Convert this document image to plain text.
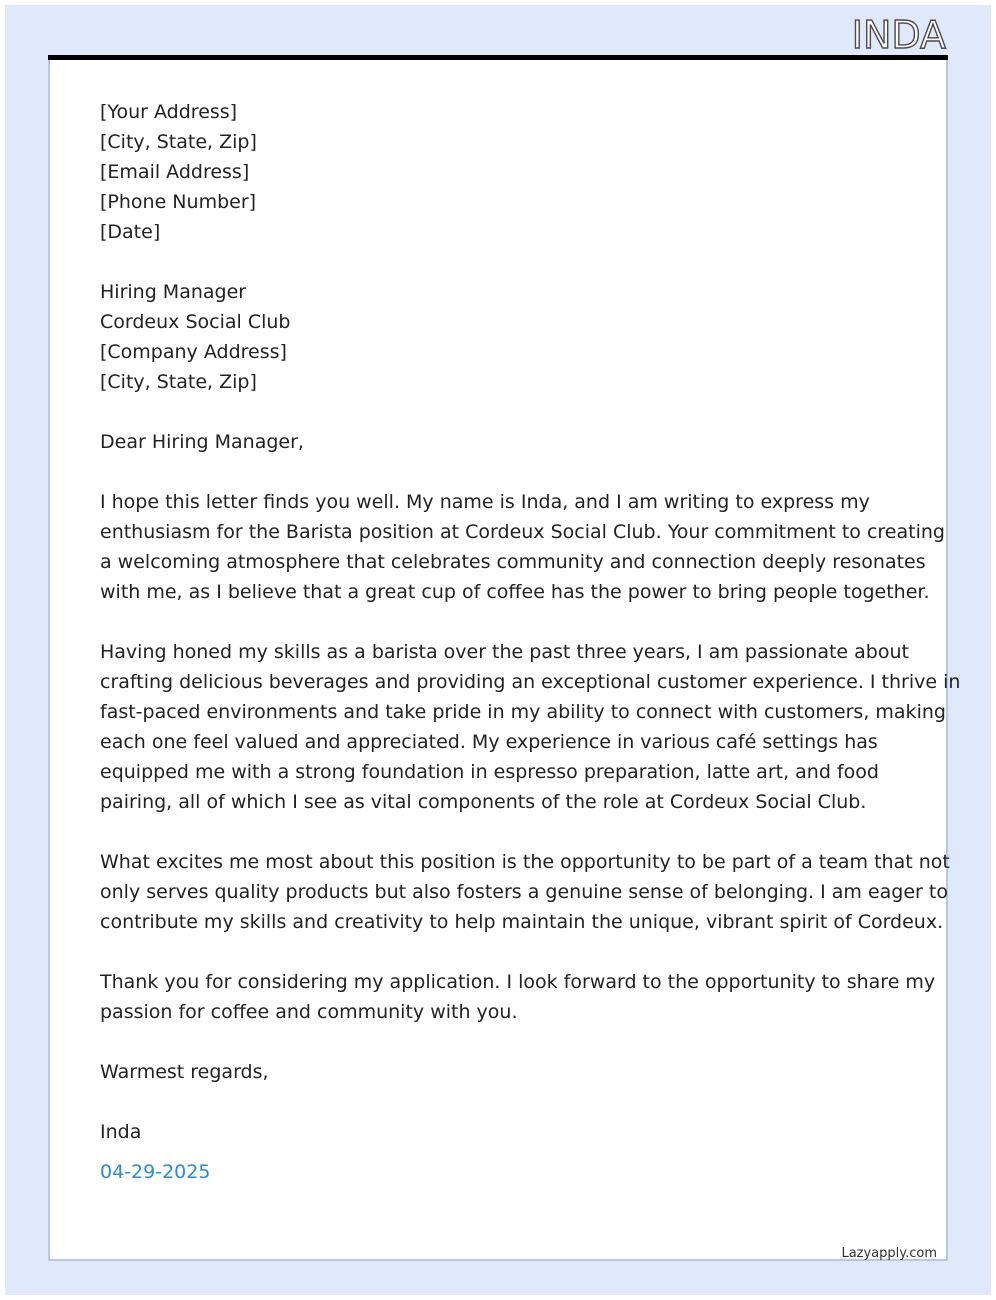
INDA
[Your Address]
[City, State, Zip]
[Email Address]
[Phone Number]
[Date]
Hiring Manager
Cordeux Social Club
[Company Address]
[City, State, Zip]
Dear Hiring Manager,
I hope this letter finds you well. My name is Inda, and I am writing to express my
enthusiasm for the Barista position at Cordeux Social Club. Your commitment to creating
a welcoming atmosphere that celebrates community and connection deeply resonates
with me, as I believe that a great cup of coffee has the power to bring people together.
Having honed my skills as a barista over the past three years, I am passionate about
crafting delicious beverages and providing an exceptional customer experience. I thrive in
fast-paced environments and take pride in my ability to connect with customers, making
each one feel valued and appreciated. My experience in various café settings has
equipped me with a strong foundation in espresso preparation, latte art, and food
pairing, all of which I see as vital components of the role at Cordeux Social Club.
What excites me most about this position is the opportunity to be part of a team that not
only serves quality products but also fosters a genuine sense of belonging. I am eager to
contribute my skills and creativity to help maintain the unique, vibrant spirit of Cordeux.
Thank you for considering my application. I look forward to the opportunity to share my
passion for coffee and community with you.
Warmest regards,
Inda
04-29-2025
Lazyapply.com
